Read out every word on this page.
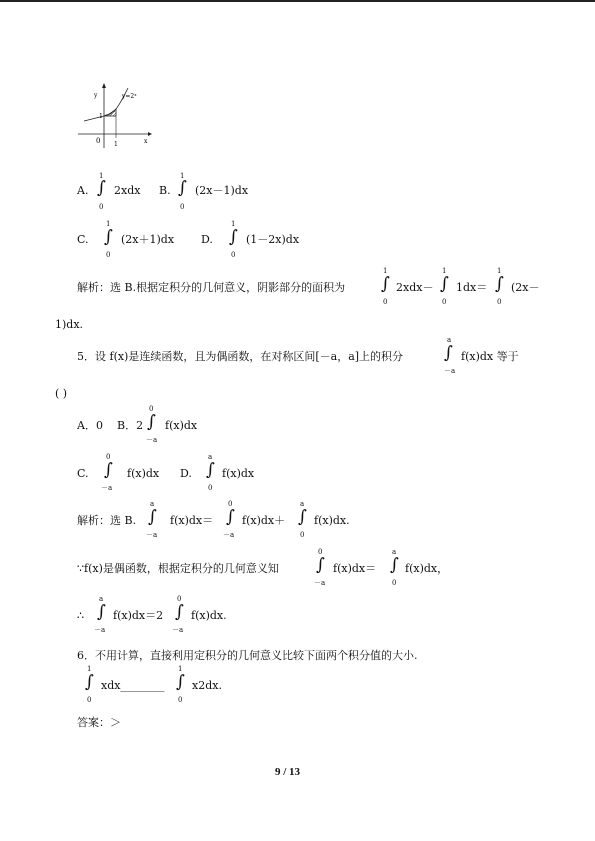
y
x
y=2ˣ
0 1
1
A.
1
∫
0
2xdx B.
1
∫
0
(2x－1)dx
C.
1
∫
0
(2x＋1)dx D.
1
∫
0
(1－2x)dx
解析：选 B.根据定积分的几何意义，阴影部分的面积为
1
∫
0
2xdx－
1
∫
0
1dx＝
1
∫
0
(2x－
1)dx.
5．设 f(x)是连续函数，且为偶函数，在对称区间[－a，a]上的积分
a
∫
－a
f(x)dx 等于
( )
A．0 B．2
0
∫
－a
f(x)dx
C.
0
∫
－a
f(x)dx D.
a
∫
0
f(x)dx
解析：选 B.
a
∫
－a
f(x)dx＝
0
∫
－a
f(x)dx＋
a
∫
0
f(x)dx.
∵f(x)是偶函数，根据定积分的几何意义知
0
∫
－a
f(x)dx＝
a
∫
0
f(x)dx，
∴
a
∫
－a
f(x)dx＝2
0
∫
－a
f(x)dx.
6．不用计算，直接利用定积分的几何意义比较下面两个积分值的大小.
1
∫
0
xdx________
1
∫
0
x2dx.
答案：＞
9 / 13
